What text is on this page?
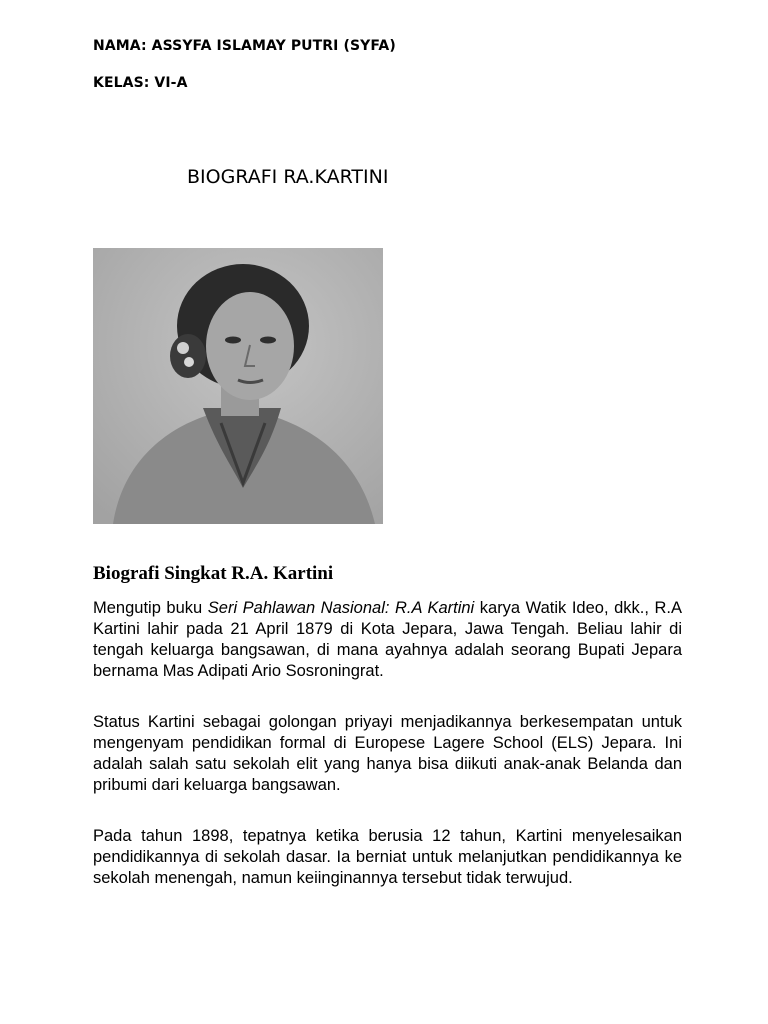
NAMA: ASSYFA ISLAMAY PUTRI (SYFA)
KELAS: VI-A
BIOGRAFI RA.KARTINI
Biografi Singkat R.A. Kartini

Mengutip buku Seri Pahlawan Nasional: R.A Kartini karya Watik Ideo, dkk., R.A Kartini lahir pada 21 April 1879 di Kota Jepara, Jawa Tengah. Beliau lahir di tengah keluarga bangsawan, di mana ayahnya adalah seorang Bupati Jepara bernama Mas Adipati Ario Sosroningrat.

Status Kartini sebagai golongan priyayi menjadikannya berkesempatan untuk mengenyam pendidikan formal di Europese Lagere School (ELS) Jepara. Ini adalah salah satu sekolah elit yang hanya bisa diikuti anak-anak Belanda dan pribumi dari keluarga bangsawan.

Pada tahun 1898, tepatnya ketika berusia 12 tahun, Kartini menyelesaikan pendidikannya di sekolah dasar. Ia berniat untuk melanjutkan pendidikannya ke sekolah menengah, namun keiinginannya tersebut tidak terwujud.
